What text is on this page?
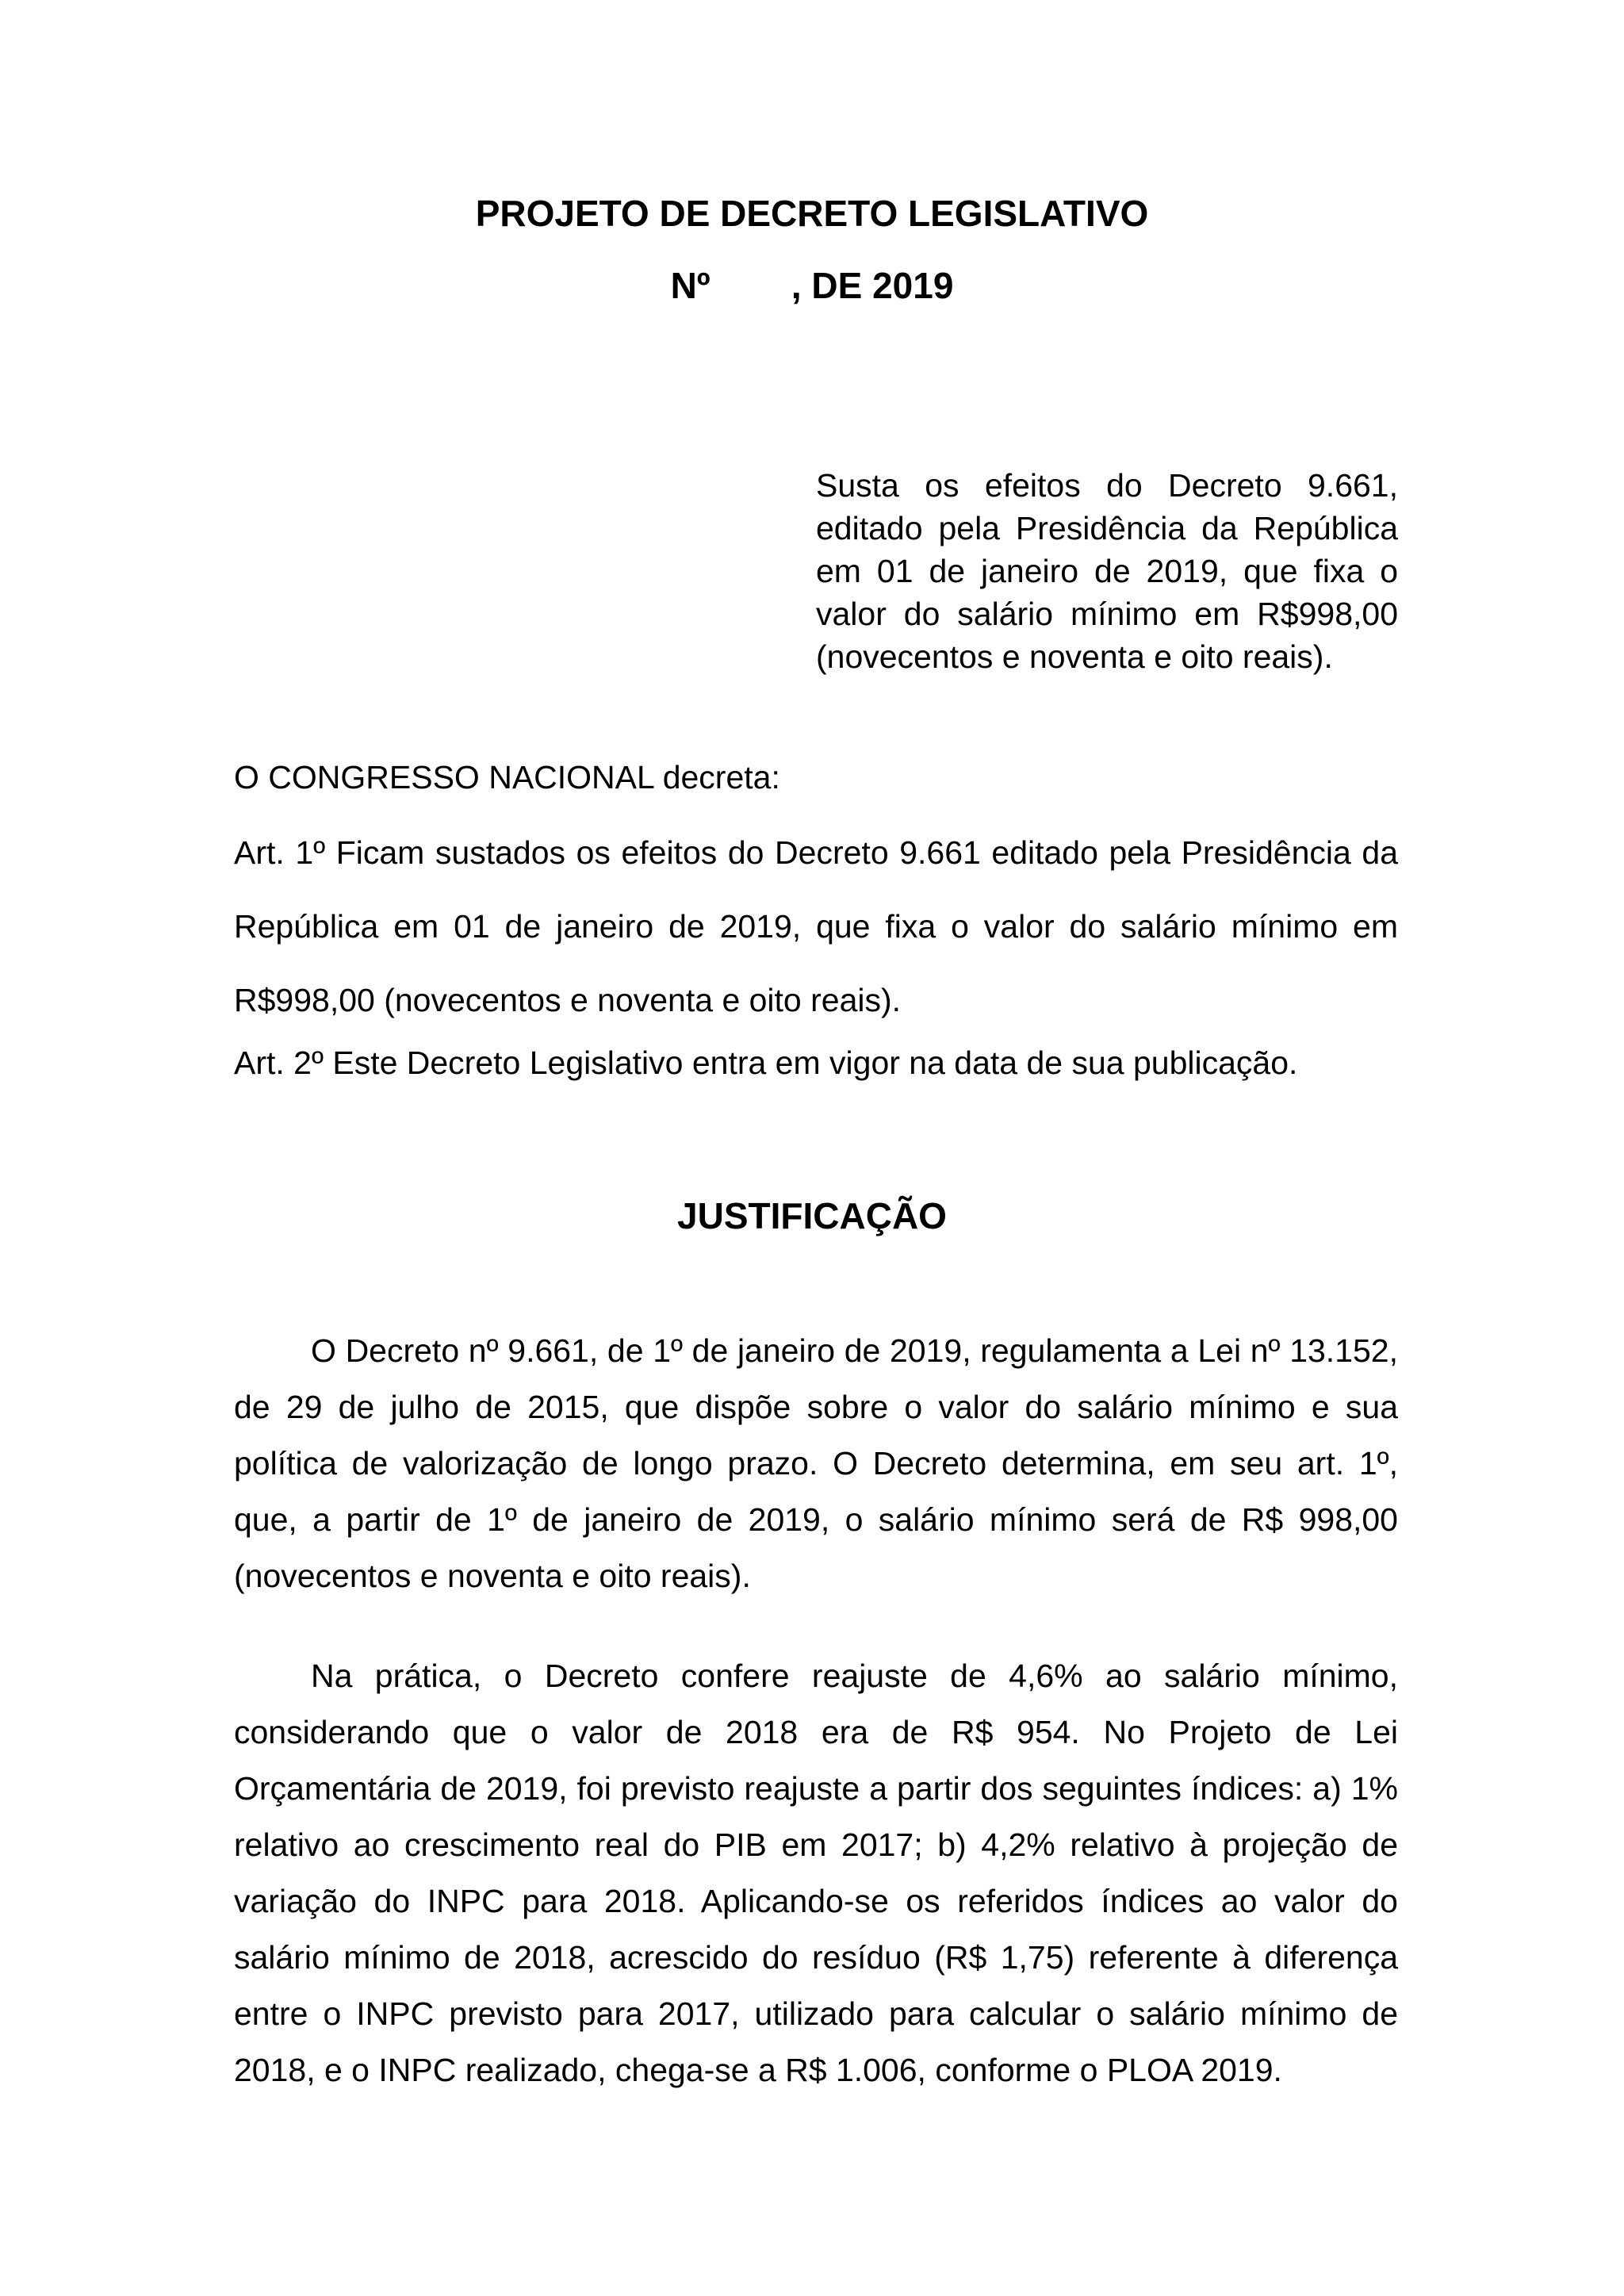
PROJETO DE DECRETO LEGISLATIVO
Nº        , DE 2019

Susta os efeitos do Decreto 9.661, editado pela Presidência da República em 01 de janeiro de 2019, que fixa o valor do salário mínimo em R$998,00 (novecentos e noventa e oito reais).

O CONGRESSO NACIONAL decreta:

Art. 1º Ficam sustados os efeitos do Decreto 9.661 editado pela Presidência da República em 01 de janeiro de 2019, que fixa o valor do salário mínimo em R$998,00 (novecentos e noventa e oito reais).

Art. 2º Este Decreto Legislativo entra em vigor na data de sua publicação.

JUSTIFICAÇÃO

O Decreto nº 9.661, de 1º de janeiro de 2019, regulamenta a Lei nº 13.152, de 29 de julho de 2015, que dispõe sobre o valor do salário mínimo e sua política de valorização de longo prazo. O Decreto determina, em seu art. 1º, que, a partir de 1º de janeiro de 2019, o salário mínimo será de R$ 998,00 (novecentos e noventa e oito reais).

Na prática, o Decreto confere reajuste de 4,6% ao salário mínimo, considerando que o valor de 2018 era de R$ 954. No Projeto de Lei Orçamentária de 2019, foi previsto reajuste a partir dos seguintes índices: a) 1% relativo ao crescimento real do PIB em 2017; b) 4,2% relativo à projeção de variação do INPC para 2018. Aplicando-se os referidos índices ao valor do salário mínimo de 2018, acrescido do resíduo (R$ 1,75) referente à diferença entre o INPC previsto para 2017, utilizado para calcular o salário mínimo de 2018, e o INPC realizado, chega-se a R$ 1.006, conforme o PLOA 2019.
